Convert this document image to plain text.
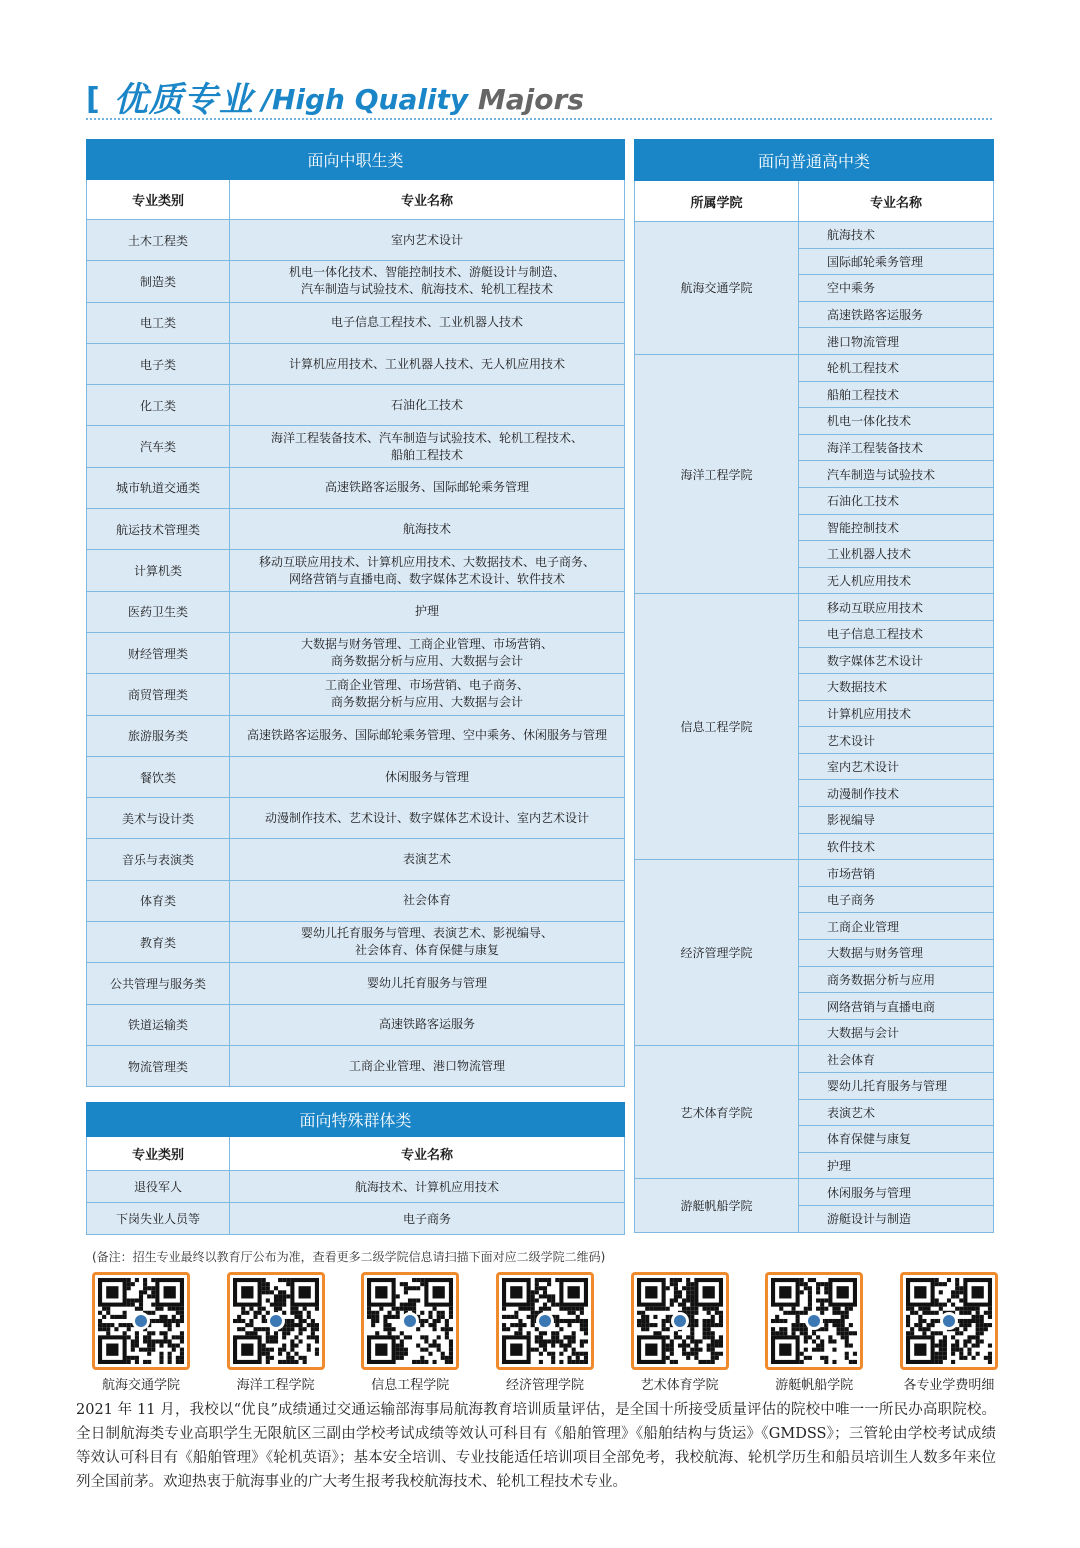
[ 优质专业 /High Quality Majors
面向中职生类	
专业类别	专业名称
土木工程类	室内艺术设计

制造类	机电一体化技术、智能控制技术、游艇设计与制造、
汽车制造与试验技术、航海技术、轮机工程技术

电工类	电子信息工程技术、工业机器人技术

电子类	计算机应用技术、工业机器人技术、无人机应用技术

化工类	石油化工技术

汽车类	海洋工程装备技术、汽车制造与试验技术、轮机工程技术、
船舶工程技术

城市轨道交通类	高速铁路客运服务、国际邮轮乘务管理

航运技术管理类	航海技术

计算机类	移动互联应用技术、计算机应用技术、大数据技术、电子商务、
网络营销与直播电商、数字媒体艺术设计、软件技术

医药卫生类	护理

财经管理类	大数据与财务管理、工商企业管理、市场营销、
商务数据分析与应用、大数据与会计

商贸管理类	工商企业管理、市场营销、电子商务、
商务数据分析与应用、大数据与会计

旅游服务类	高速铁路客运服务、国际邮轮乘务管理、空中乘务、休闲服务与管理

餐饮类	休闲服务与管理

美术与设计类	动漫制作技术、艺术设计、数字媒体艺术设计、室内艺术设计

音乐与表演类	表演艺术

体育类	社会体育

教育类	婴幼儿托育服务与管理、表演艺术、影视编导、
社会体育、体育保健与康复

公共管理与服务类	婴幼儿托育服务与管理

铁道运输类	高速铁路客运服务

物流管理类	工商企业管理、港口物流管理
面向特殊群体类	
专业类别	专业名称
退役军人	航海技术、计算机应用技术
下岗失业人员等	电子商务
面向普通高中类	
所属学院	专业名称
航海交通学院	航海技术
	国际邮轮乘务管理
	空中乘务
	高速铁路客运服务
	港口物流管理
海洋工程学院	轮机工程技术
	船舶工程技术
	机电一体化技术
	海洋工程装备技术
	汽车制造与试验技术
	石油化工技术
	智能控制技术
	工业机器人技术
	无人机应用技术
信息工程学院	移动互联应用技术
	电子信息工程技术
	数字媒体艺术设计
	大数据技术
	计算机应用技术
	艺术设计
	室内艺术设计
	动漫制作技术
	影视编导
	软件技术
经济管理学院	市场营销
	电子商务
	工商企业管理
	大数据与财务管理
	商务数据分析与应用
	网络营销与直播电商
	大数据与会计
艺术体育学院	社会体育
	婴幼儿托育服务与管理
	表演艺术
	体育保健与康复
	护理
游艇帆船学院	休闲服务与管理
	游艇设计与制造
(备注：招生专业最终以教育厅公布为准，查看更多二级学院信息请扫描下面对应二级学院二维码)
航海交通学院	海洋工程学院	信息工程学院	经济管理学院	艺术体育学院	游艇帆船学院	各专业学费明细
2021 年 11 月，我校以“优良”成绩通过交通运输部海事局航海教育培训质量评估，是全国十所接受质量评估的院校中唯一一所民办高职院校。全日制航海类专业高职学生无限航区三副由学校考试成绩等效认可科目有《船舶管理》《船舶结构与货运》《GMDSS》；三管轮由学校考试成绩等效认可科目有《船舶管理》《轮机英语》；基本安全培训、专业技能适任培训项目全部免考，我校航海、轮机学历生和船员培训生人数多年来位列全国前茅。欢迎热衷于航海事业的广大考生报考我校航海技术、轮机工程技术专业。
